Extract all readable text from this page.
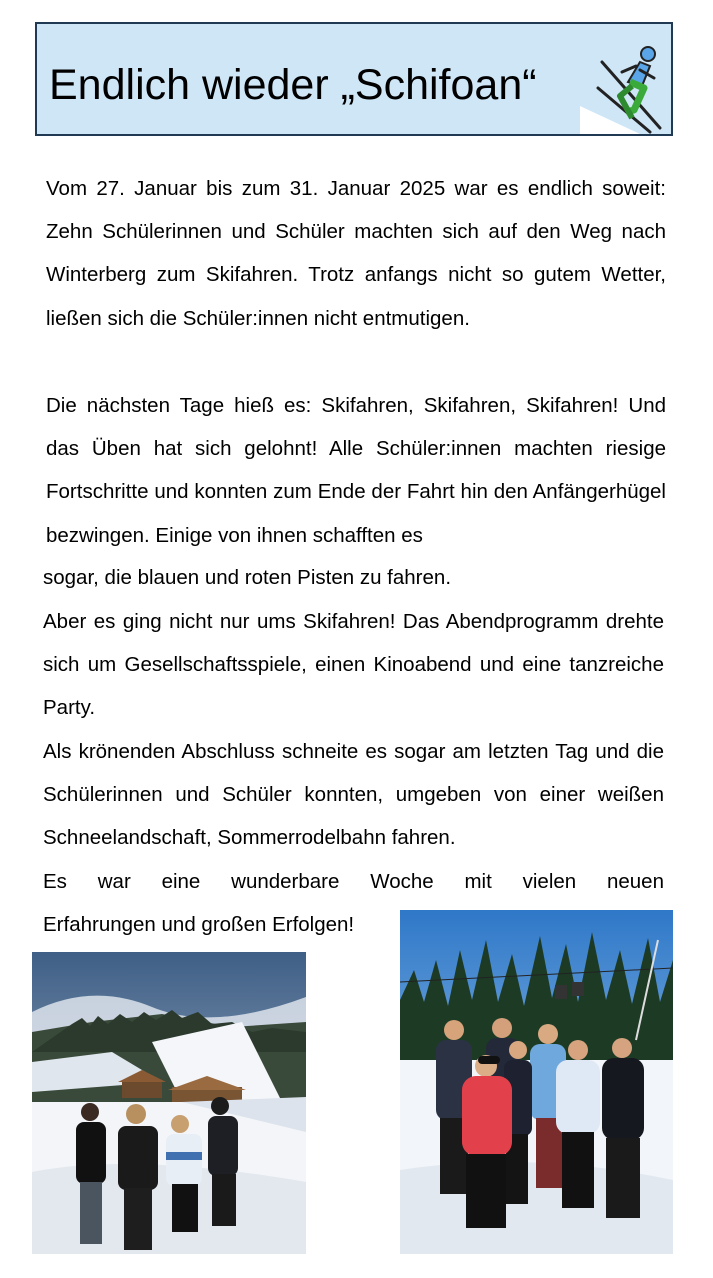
Endlich wieder „Schifoan“

Vom 27. Januar bis zum 31. Januar 2025 war es endlich soweit: Zehn Schülerinnen und Schüler machten sich auf den Weg nach Winterberg zum Skifahren. Trotz anfangs nicht so gutem Wetter, ließen sich die Schüler:innen nicht entmutigen.

Die nächsten Tage hieß es: Skifahren, Skifahren, Skifahren! Und das Üben hat sich gelohnt! Alle Schüler:innen machten riesige Fortschritte und konnten zum Ende der Fahrt hin den Anfängerhügel bezwingen. Einige von ihnen schafften es

sogar, die blauen und roten Pisten zu fahren.

Aber es ging nicht nur ums Skifahren! Das Abendprogramm drehte sich um Gesellschaftsspiele, einen Kinoabend und eine tanzreiche Party.

Als krönenden Abschluss schneite es sogar am letzten Tag und die Schülerinnen und Schüler konnten, umgeben von einer weißen Schneelandschaft, Sommerrodelbahn fahren.

Es war eine wunderbare Woche mit vielen neuen

Erfahrungen und großen Erfolgen!
